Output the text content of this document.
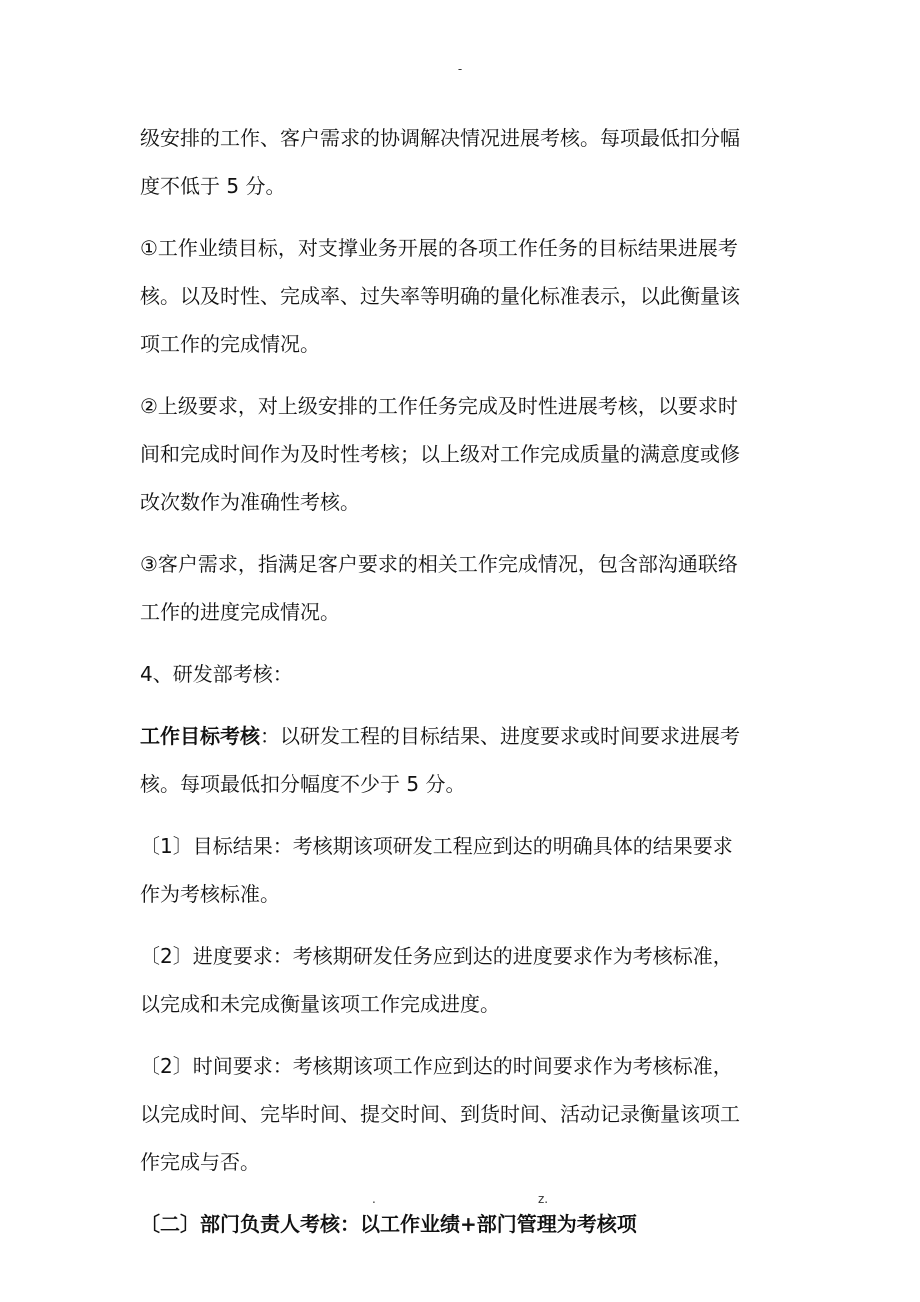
-

级安排的工作、客户需求的协调解决情况进展考核。每项最低扣分幅
度不低于 5 分。

①工作业绩目标，对支撑业务开展的各项工作任务的目标结果进展考
核。以及时性、完成率、过失率等明确的量化标准表示，以此衡量该
项工作的完成情况。

②上级要求，对上级安排的工作任务完成及时性进展考核，以要求时
间和完成时间作为及时性考核；以上级对工作完成质量的满意度或修
改次数作为准确性考核。

③客户需求，指满足客户要求的相关工作完成情况，包含部沟通联络
工作的进度完成情况。

4、研发部考核：

工作目标考核：以研发工程的目标结果、进度要求或时间要求进展考
核。每项最低扣分幅度不少于 5 分。

〔1〕目标结果：考核期该项研发工程应到达的明确具体的结果要求
作为考核标准。

〔2〕进度要求：考核期研发任务应到达的进度要求作为考核标准，
以完成和未完成衡量该项工作完成进度。

〔2〕时间要求：考核期该项工作应到达的时间要求作为考核标准，
以完成时间、完毕时间、提交时间、到货时间、活动记录衡量该项工
作完成与否。

〔二〕部门负责人考核：以工作业绩+部门管理为考核项

.	z.
